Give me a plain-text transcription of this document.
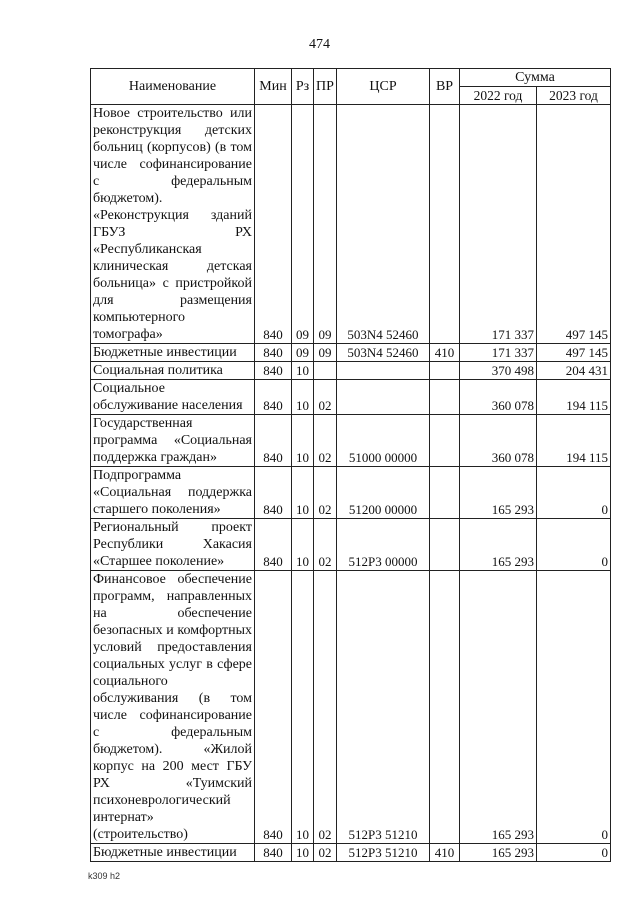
474
Наименование	Мин	Рз	ПР	ЦСР	ВР	Сумма	
						2022 год	2023 год
Новое строительство или реконструкция детских больниц (корпусов) (в том числе софинансирование с федеральным бюджетом). «Реконструкция зданий ГБУЗ РХ «Республиканская клиническая детская больница» с пристройкой для размещения компьютерного томографа»	840	09	09	503N4 52460		171 337	497 145
Бюджетные инвестиции	840	09	09	503N4 52460	410	171 337	497 145
Социальная политика	840	10				370 498	204 431
Социальное обслуживание населения	840	10	02			360 078	194 115
Государственная программа «Социальная поддержка граждан»	840	10	02	51000 00000		360 078	194 115
Подпрограмма «Социальная поддержка старшего поколения»	840	10	02	51200 00000		165 293	0
Региональный проект Республики Хакасия «Старшее поколение»	840	10	02	512P3 00000		165 293	0
Финансовое обеспечение программ, направленных на обеспечение безопасных и комфортных условий предоставления социальных услуг в сфере социального обслуживания (в том числе софинансирование с федеральным бюджетом). «Жилой корпус на 200 мест ГБУ РХ «Туимский психоневрологический интернат» (строительство)	840	10	02	512P3 51210		165 293	0
Бюджетные инвестиции	840	10	02	512P3 51210	410	165 293	0
k309 h2
